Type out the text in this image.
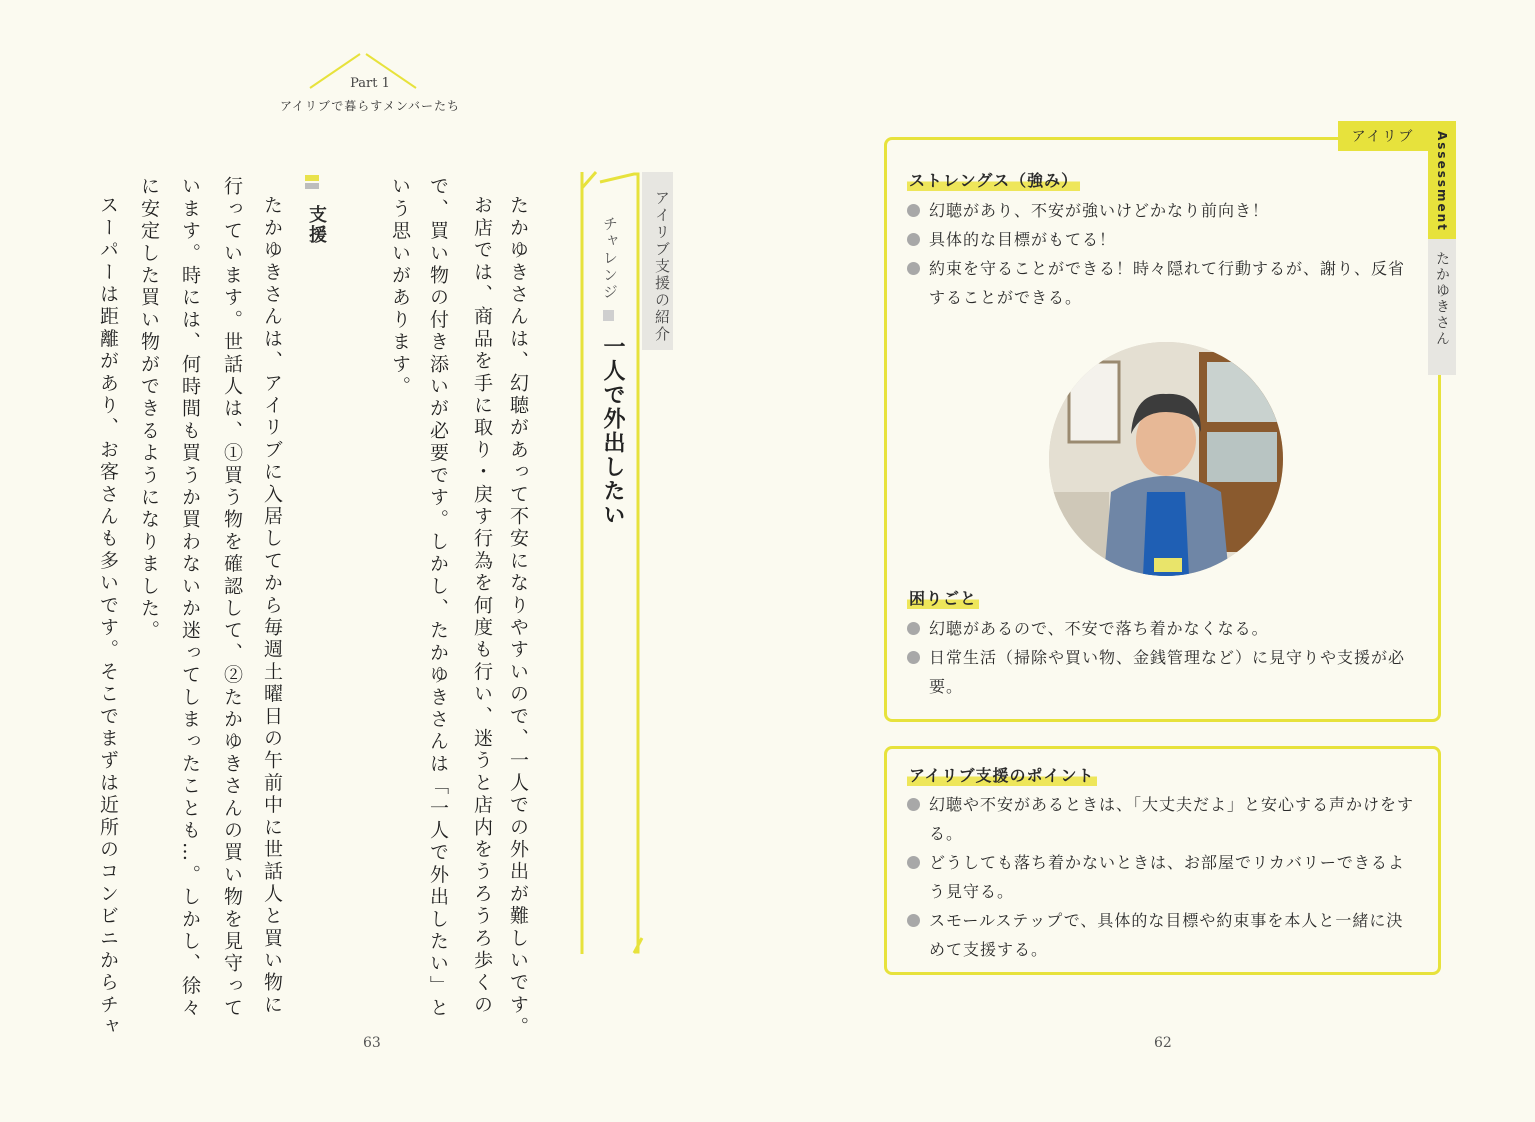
Part 1
アイリブで暮らすメンバーたち
アイリブ支援の紹介
チャレンジ
一人で外出したい
たかゆきさんは、幻聴があって不安になりやすいので、一人での外出が難しいです。
お店では、商品を手に取り・戻す行為を何度も行い、迷うと店内をうろうろ歩くの
で、買い物の付き添いが必要です。しかし、たかゆきさんは「一人で外出したい」と
いう思いがあります。
支援
たかゆきさんは、アイリブに入居してから毎週土曜日の午前中に世話人と買い物に
行っています。世話人は、①買う物を確認して、②たかゆきさんの買い物を見守って
います。時には、何時間も買うか買わないか迷ってしまったことも…。しかし、徐々
に安定した買い物ができるようになりました。
スーパーは距離があり、お客さんも多いです。そこでまずは近所のコンビニからチャ
63
ストレングス（強み）
幻聴があり、不安が強いけどかなり前向き！
具体的な目標がもてる！
約束を守ることができる！時々隠れて行動するが、謝り、反省することができる。
困りごと
幻聴があるので、不安で落ち着かなくなる。
日常生活（掃除や買い物、金銭管理など）に見守りや支援が必要。
アイリブ Assessment
たかゆきさん
アイリブ支援のポイント
幻聴や不安があるときは、「大丈夫だよ」と安心する声かけをする。
どうしても落ち着かないときは、お部屋でリカバリーできるよう見守る。
スモールステップで、具体的な目標や約束事を本人と一緒に決めて支援する。
62
